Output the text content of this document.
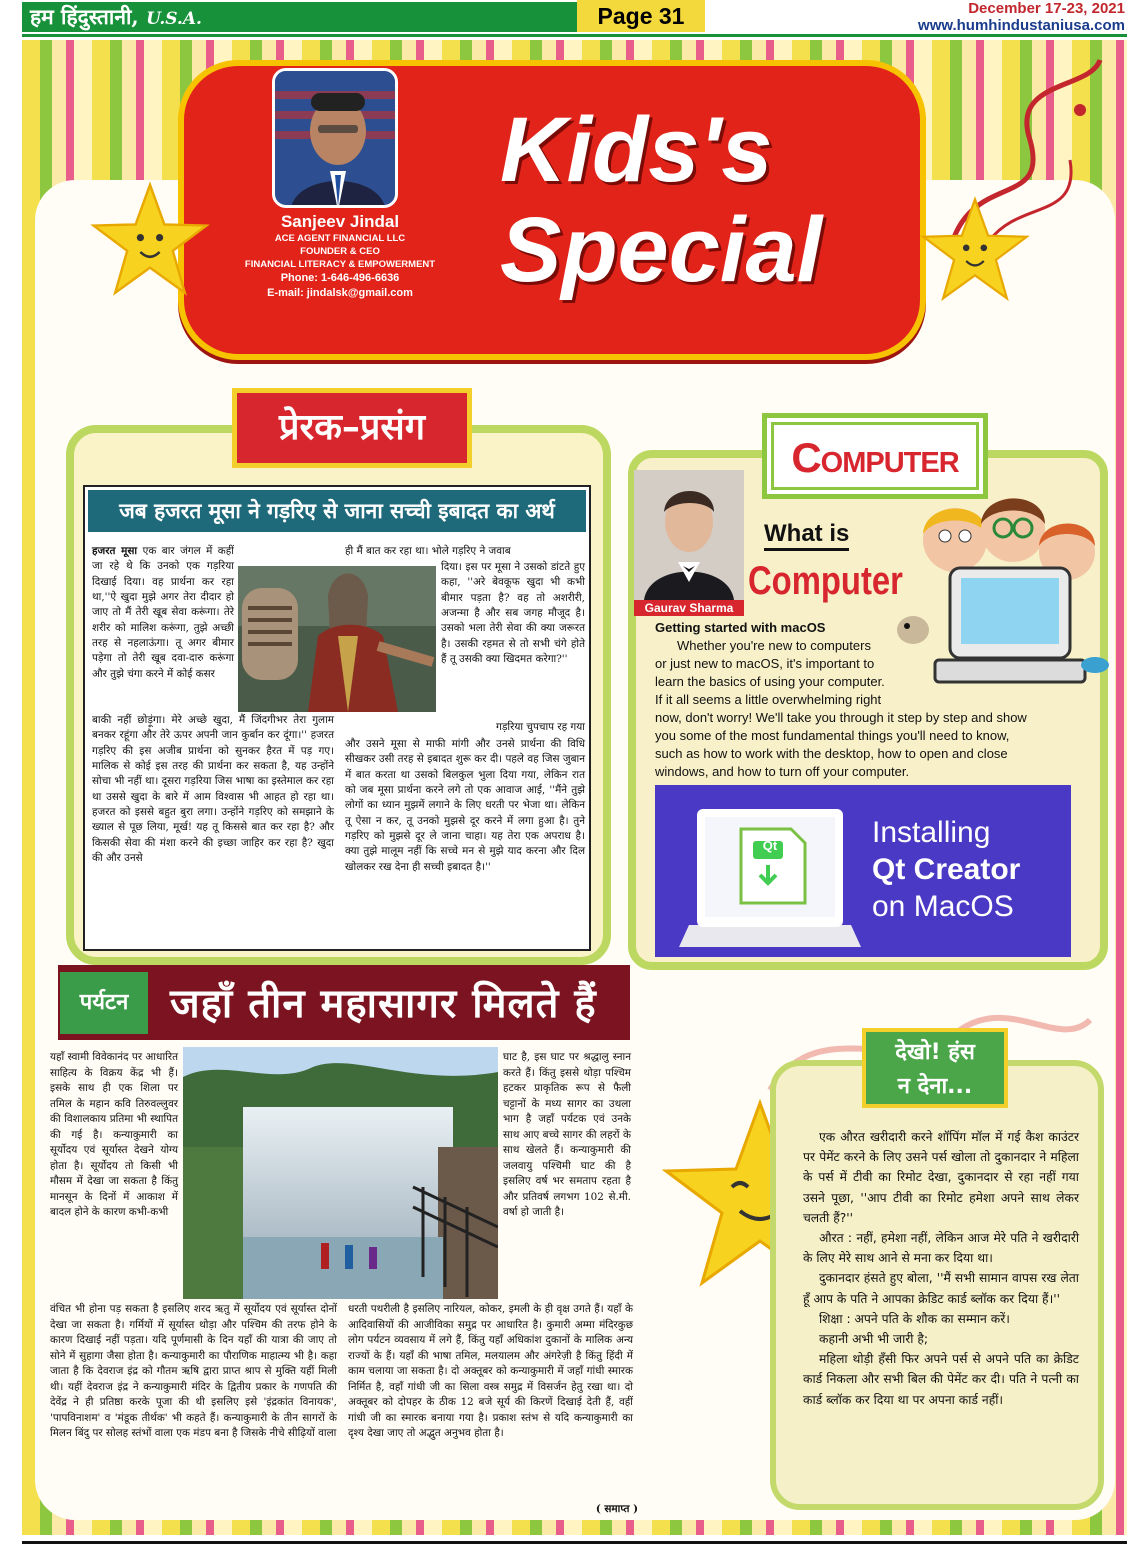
हम हिंदुस्तानी, U.S.A.	Page 31	December 17-23, 2021
www.humhindustaniusa.com
Sanjeev Jindal
ACE AGENT FINANCIAL LLC
FOUNDER & CEO
FINANCIAL LITERACY & EMPOWERMENT
Phone: 1-646-496-6636
E-mail: jindalsk@gmail.com
Kids's
Special
प्रेरक–प्रसंग
जब हजरत मूसा ने गड़रिए से जाना सच्ची इबादत का अर्थ
हजरत मूसा एक बार जंगल में कहीं जा रहे थे कि उनको एक गड़रिया दिखाई दिया। वह प्रार्थना कर रहा था,''ऐ खुदा मुझे अगर तेरा दीदार हो जाए तो मैं तेरी खूब सेवा करूंगा। तेरे शरीर को मालिश करूंगा, तुझे अच्छी तरह से नहलाऊंगा। तू अगर बीमार पड़ेगा तो तेरी खूब दवा-दारु करूंगा और तुझे चंगा करने में कोई कसर
बाकी नहीं छोड़ूंगा। मेरे अच्छे खुदा, मैं जिंदगीभर तेरा गुलाम बनकर रहूंगा और तेरे ऊपर अपनी जान कुर्बान कर दूंगा।'' हजरत गड़रिए की इस अजीब प्रार्थना को सुनकर हैरत में पड़ गए। मालिक से कोई इस तरह की प्रार्थना कर सकता है, यह उन्होंने सोचा भी नहीं था। दूसरा गड़रिया जिस भाषा का इस्तेमाल कर रहा था उससे खुदा के बारे में आम विश्वास भी आहत हो रहा था। हजरत को इससे बहुत बुरा लगा। उन्होंने गड़रिए को समझाने के ख्याल से पूछ लिया, मूर्ख! यह तू किससे बात कर रहा है? और किसकी सेवा की मंशा करने की इच्छा जाहिर कर रहा है? खुदा की और उनसे
ही मैं बात कर रहा था। भोले गड़रिए ने जवाब
दिया। इस पर मूसा ने उसको डांटते हुए कहा, ''अरे बेवकूफ खुदा भी कभी बीमार पड़ता है? वह तो अशरीरी, अजन्मा है और सब जगह मौजूद है। उसको भला तेरी सेवा की क्या जरूरत है। उसकी रहमत से तो सभी चंगे होते हैं तू उसकी क्या खिदमत करेगा?''
गड़रिया चुपचाप रह गया
और उसने मूसा से माफी मांगी और उनसे प्रार्थना की विधि सीखकर उसी तरह से इबादत शुरू कर दी। पहले वह जिस जुबान में बात करता था उसको बिलकुल भुला दिया गया, लेकिन रात को जब मूसा प्रार्थना करने लगे तो एक आवाज आई, ''मैंने तुझे लोगों का ध्यान मुझमें लगाने के लिए धरती पर भेजा था। लेकिन तू ऐसा न कर, तू उनको मुझसे दूर करने में लगा हुआ है। तुने गड़रिए को मुझसे दूर ले जाना चाहा। यह तेरा एक अपराध है। क्या तुझे मालूम नहीं कि सच्चे मन से मुझे याद करना और दिल खोलकर रख देना ही सच्ची इबादत है।''
Computer
Gaurav Sharma
What is
Computer
Getting started with macOS
Whether you're new to computers
or just new to macOS, it's important to
learn the basics of using your computer.
If it all seems a little overwhelming right
now, don't worry! We'll take you through it step by step and show
you some of the most fundamental things you'll need to know,
such as how to work with the desktop, how to open and close
windows, and how to turn off your computer.
Qt	Installing
Qt Creator
on MacOS
पर्यटन	जहाँ तीन महासागर मिलते हैं
यहाँ स्वामी विवेकानंद पर आधारित साहित्य के विक्रय केंद्र भी हैं। इसके साथ ही एक शिला पर तमिल के महान कवि तिरुवल्लुवर की विशालकाय प्रतिमा भी स्थापित की गई है। कन्याकुमारी का सूर्योदय एवं सूर्यास्त देखने योग्य होता है। सूर्योदय तो किसी भी मौसम में देखा जा सकता है किंतु मानसून के दिनों में आकाश में बादल होने के कारण कभी-कभी
घाट है, इस घाट पर श्रद्धालु स्नान करते हैं। किंतु इससे थोड़ा पश्चिम हटकर प्राकृतिक रूप से फैली चट्टानों के मध्य सागर का उथला भाग है जहाँ पर्यटक एवं उनके साथ आए बच्चे सागर की लहरों के साथ खेलते हैं। कन्याकुमारी की जलवायु पश्चिमी घाट की है इसलिए वर्ष भर समताप रहता है और प्रतिवर्ष लगभग 102 से.मी. वर्षा हो जाती है।
वंचित भी होना पड़ सकता है इसलिए शरद ऋतु में सूर्योदय एवं सूर्यास्त दोनों देखा जा सकता है। गर्मियों में सूर्यास्त थोड़ा और पश्चिम की तरफ होने के कारण दिखाई नहीं पड़ता। यदि पूर्णमासी के दिन यहाँ की यात्रा की जाए तो सोने में सुहागा जैसा होता है। कन्याकुमारी का पौराणिक माहात्म्य भी है। कहा जाता है कि देवराज इंद्र को गौतम ऋषि द्वारा प्राप्त श्राप से मुक्ति यहीं मिली थी। यहीं देवराज इंद्र ने कन्याकुमारी मंदिर के द्वितीय प्रकार के गणपति की देवेंद्र ने ही प्रतिष्ठा करके पूजा की थी इसलिए इसे 'इंद्रकांत विनायक', 'पापविनाशम' व 'मंडूक तीर्थक' भी कहते हैं। कन्याकुमारी के तीन सागरों के मिलन बिंदु पर सोलह स्तंभों वाला एक मंडप बना है जिसके नीचे सीढ़ियों वाला
धरती पथरीली है इसलिए नारियल, कोकर, इमली के ही वृक्ष उगते हैं। यहाँ के आदिवासियों की आजीविका समुद्र पर आधारित है। कुमारी अम्मा मंदिरकुछ लोग पर्यटन व्यवसाय में लगे हैं, किंतु यहाँ अधिकांश दुकानों के मालिक अन्य राज्यों के हैं। यहाँ की भाषा तमिल, मलयालम और अंगरेज़ी है किंतु हिंदी में काम चलाया जा सकता है। दो अक्तूबर को कन्याकुमारी में जहाँ गांधी स्मारक निर्मित है, वहाँ गांधी जी का सिला वस्त्र समुद्र में विसर्जन हेतु रखा था। दो अक्तूबर को दोपहर के ठीक 12 बजे सूर्य की किरणें दिखाई देती हैं, वहीं गांधी जी का स्मारक बनाया गया है। प्रकाश स्तंभ से यदि कन्याकुमारी का दृश्य देखा जाए तो अद्भुत अनुभव होता है।
( समाप्त )
देखो! हंस
न देना...

एक औरत खरीदारी करने शॉपिंग मॉल में गई कैश काउंटर पर पेमेंट करने के लिए उसने पर्स खोला तो दुकानदार ने महिला के पर्स में टीवी का रिमोट देखा, दुकानदार से रहा नहीं गया उसने पूछा, ''आप टीवी का रिमोट हमेशा अपने साथ लेकर चलती हैं?''

औरत : नहीं, हमेशा नहीं, लेकिन आज मेरे पति ने खरीदारी के लिए मेरे साथ आने से मना कर दिया था।

दुकानदार हंसते हुए बोला, ''मैं सभी सामान वापस रख लेता हूँ आप के पति ने आपका क्रेडिट कार्ड ब्लॉक कर दिया हैं।''

शिक्षा : अपने पति के शौक का सम्मान करें।

कहानी अभी भी जारी है;

महिला थोड़ी हँसी फिर अपने पर्स से अपने पति का क्रेडिट कार्ड निकला और सभी बिल की पेमेंट कर दी। पति ने पत्नी का कार्ड ब्लॉक कर दिया था पर अपना कार्ड नहीं।
